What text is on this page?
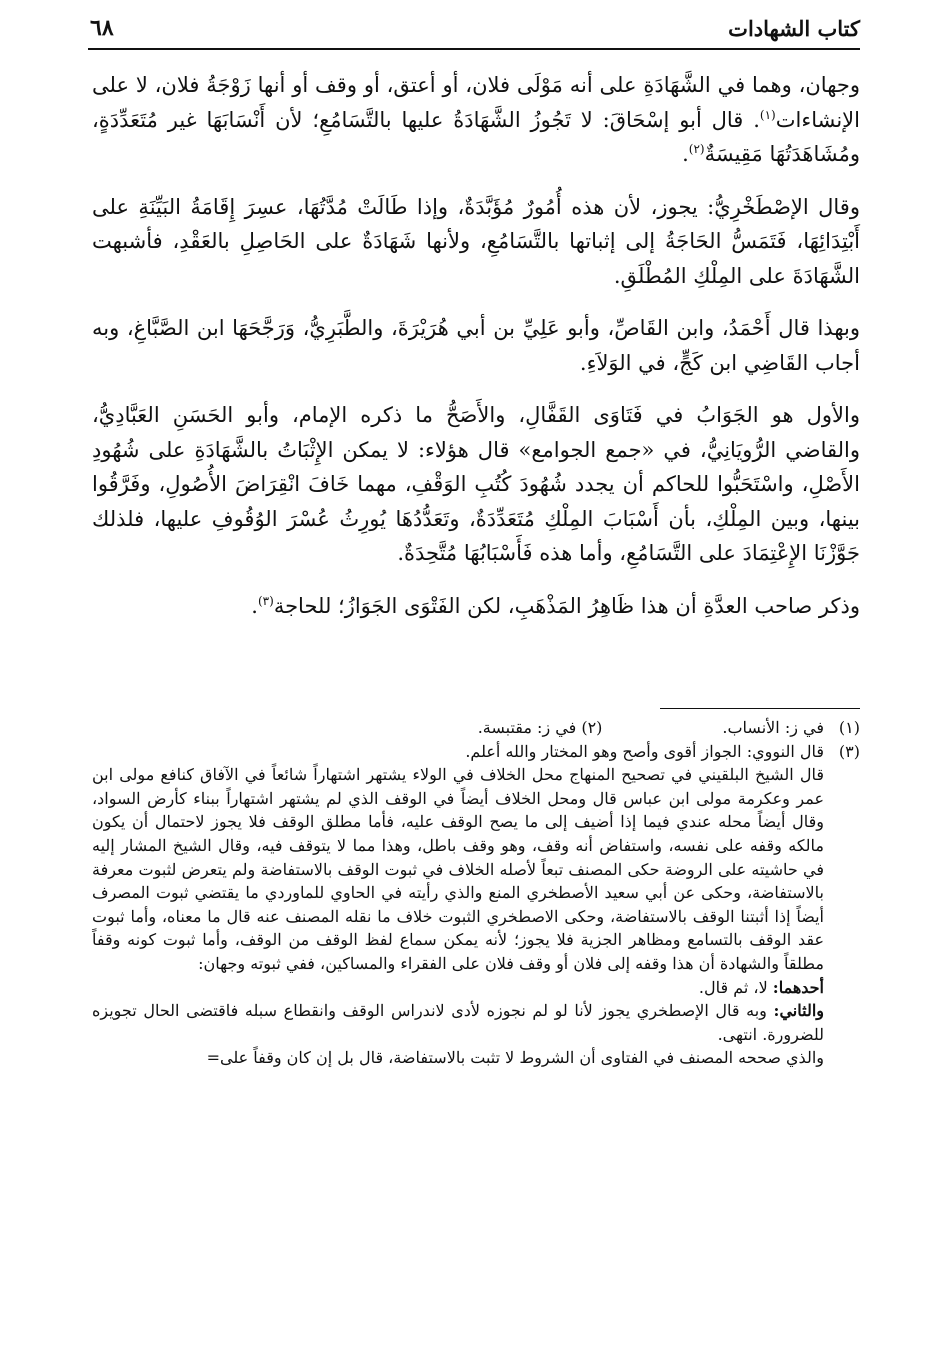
كتاب الشهادات
٦٨

وجهان، وهما في الشَّهَادَةِ على أنه مَوْلَى فلان، أو أعتق، أو وقف أو أنها زَوْجَةُ فلان، لا على الإنشاءات$^{(١)}$. قال أبو إسْحَاقَ: لا تَجُوزُ الشَّهَادَةُ عليها بالتَّسَامُعِ؛ لأن أَنْسَابَهَا غير مُتَعَدِّدَةٍ، ومُشَاهَدَتُهَا مَقِيسَةٌ$^{(٢)}$.

وقال الإصْطَخْرِيُّ: يجوز، لأن هذه أُمُورٌ مُؤَبَّدَةٌ، وإذا طَالَتْ مُدَّتُهَا، عسِرَ إِقَامَةُ البَيِّنَةِ على أَبْتِدَائِهَا، فَتَمَسُّ الحَاجَةُ إلى إثباتها بالتَّسَامُعِ، ولأنها شَهَادَةٌ على الحَاصِلِ بالعَقْدِ، فأشبهت الشَّهَادَةَ على المِلْكِ المُطْلَقِ.

وبهذا قال أَحْمَدُ، وابن القَاصِّ، وأبو عَلِيِّ بن أبي هُرَيْرَةَ، والطَّبَرِيُّ، وَرَجَّحَهَا ابن الصَّبَّاغِ، وبه أجاب القَاضِي ابن كَجٍّ، في الوَلاَءِ.

والأول هو الجَوَابُ في فَتَاوَى القَفَّالِ، والأَصَحُّ ما ذكره الإمام، وأبو الحَسَنِ العَبَّادِيُّ، والقاضي الرُّويَانِيُّ، في «جمع الجوامع» قال هؤلاء: لا يمكن الإِثْبَاتُ بالشَّهَادَةِ على شُهُودِ الأَصْلِ، واسْتَحَبُّوا للحاكم أن يجدد شُهُودَ كُتُبِ الوَقْفِ، مهما خَافَ انْقِرَاضَ الأُصُولِ، وفَرَّقُوا بينها، وبين المِلْكِ، بأن أَسْبَابَ المِلْكِ مُتَعَدِّدَةٌ، وتَعَدُّدُهَا يُورِثُ عُسْرَ الوُقُوفِ عليها، فلذلك جَوَّزْنَا الإِعْتِمَادَ على التَّسَامُعِ، وأما هذه فَأَسْبَابُهَا مُتَّحِدَةٌ.

وذكر صاحب العدَّةِ أن هذا ظَاهِرُ المَذْهَبِ، لكن الفَتْوَى الجَوَازُ؛ للحاجة$^{(٣)}$.

(١)
في ز: الأنساب.
(٢) في ز: مقتبسة.
(٣)

قال النووي: الجواز أقوى وأصح وهو المختار والله أعلم.

قال الشيخ البلقيني في تصحيح المنهاج محل الخلاف في الولاء يشتهر اشتهاراً شائعاً في الآفاق كنافع مولى ابن عمر وعكرمة مولى ابن عباس قال ومحل الخلاف أيضاً في الوقف الذي لم يشتهر اشتهاراً ببناء كأرض السواد، وقال أيضاً محله عندي فيما إذا أضيف إلى ما يصح الوقف عليه، فأما مطلق الوقف فلا يجوز لاحتمال أن يكون مالكه وقفه على نفسه، واستفاض أنه وقف، وهو وقف باطل، وهذا مما لا يتوقف فيه، وقال الشيخ المشار إليه في حاشيته على الروضة حكى المصنف تبعاً لأصله الخلاف في ثبوت الوقف بالاستفاضة ولم يتعرض لثبوت معرفة بالاستفاضة، وحكى عن أبي سعيد الأصطخري المنع والذي رأيته في الحاوي للماوردي ما يقتضي ثبوت المصرف أيضاً إذا أثبتنا الوقف بالاستفاضة، وحكى الاصطخري الثبوت خلاف ما نقله المصنف عنه قال ما معناه، وأما ثبوت عقد الوقف بالتسامع ومظاهر الجزية فلا يجوز؛ لأنه يمكن سماع لفظ الوقف من الوقف، وأما ثبوت كونه وقفاً مطلقاً والشهادة أن هذا وقفه إلى فلان أو وقف فلان على الفقراء والمساكين، ففي ثبوته وجهان:

أحدهما: لا، ثم قال.

والثاني: وبه قال الإصطخري يجوز لأنا لو لم نجوزه لأدى لاندراس الوقف وانقطاع سبله فاقتضى الحال تجويزه للضرورة. انتهى.

والذي صححه المصنف في الفتاوى أن الشروط لا تثبت بالاستفاضة، قال بل إن كان وقفاً على=
